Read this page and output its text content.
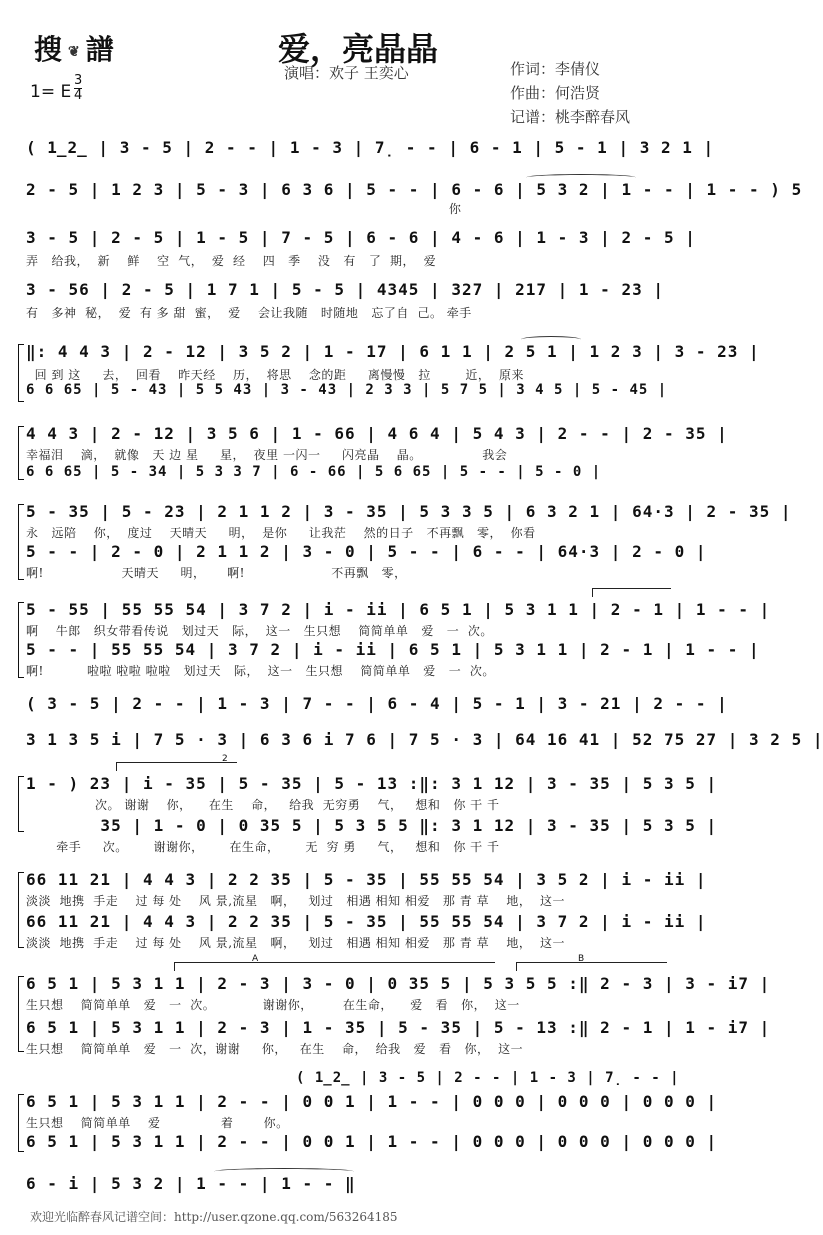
搜 ❦譜	爱，亮晶晶
演唱：欢子 王奕心	作词：李倩仪
作曲：何浩贤
记谱：桃李醉春风
1= E
3
4
( 1̲2̲ | 3 - 5 | 2 - - | 1 - 3 | 7̣ - - | 6 - 1 | 5 - 1 | 3 2 1 |
2 - 5 | 1 2 3 | 5 - 3 | 6 3 6 | 5 - - | 6 - 6 | 5 3 2 | 1 - - | 1 - - ) 5
你
3 - 5 | 2 - 5 | 1 - 5 | 7 - 5 | 6 - 6 | 4 - 6 | 1 - 3 | 2 - 5 |
弄   给我，  新    鲜    空  气，  爱  经    四   季    没   有   了  期，  爱
3 - 56 | 2 - 5 | 1 7 1 | 5 - 5 | 4345 | 327 | 217 | 1 - 23 |
有   多神  秘，  爱  有 多 甜  蜜，  爱    会让我随   时随地   忘了自  己。 牵手
‖: 4 4 3 | 2 - 12 | 3 5 2 | 1 - 17 | 6 1 1 | 2 5 1 | 1 2 3 | 3 - 23 |
回 到 这     去，  回看    昨天经    历，  将思    念的距     离慢慢   拉        近，  原来
6 6 65 | 5 - 43 | 5 5 43 | 3 - 43 | 2 3 3 | 5 7 5 | 3 4 5 | 5 - 45 |
4 4 3 | 2 - 12 | 3 5 6 | 1 - 66 | 4 6 4 | 5 4 3 | 2 - - | 2 - 35 |
幸福泪    滴，  就像   天 边 星     星，  夜里 一闪一     闪亮晶    晶。              我会
6 6 65 | 5 - 34 | 5 3 3 7 | 6 - 66 | 5 6 65 | 5 - - | 5 - 0 |
5 - 35 | 5 - 23 | 2 1 1 2 | 3 - 35 | 5 3 3 5 | 6 3 2 1 | 64·3 | 2 - 35 |
永   远陪    你，  度过    天晴天     明，  是你     让我茫    然的日子   不再飘   零，  你看
5 - - | 2 - 0 | 2 1 1 2 | 3 - 0 | 5 - - | 6 - - | 64·3 | 2 - 0 |
啊!                  天晴天     明，     啊!                    不再飘   零，
5 - 55 | 55 55 54 | 3 7 2 | i - ii | 6 5 1 | 5 3 1 1 | 2 - 1 | 1 - - |
啊    牛郎   织女带看传说   划过天   际，  这一   生只想    简简单单   爱   一  次。
5 - - | 55 55 54 | 3 7 2 | i - ii | 6 5 1 | 5 3 1 1 | 2 - 1 | 1 - - |
啊!          啦啦 啦啦 啦啦   划过天   际，  这一   生只想    简简单单   爱   一  次。
( 3 - 5 | 2 - - | 1 - 3 | 7 - - | 6 - 4 | 5 - 1 | 3 - 21 | 2 - - |
3 1 3 5 i | 7 5 · 3 | 6 3 6 i 7 6 | 7 5 · 3 | 64 16 41 | 52 75 27 | 3 2 5 |
2
1 - ) 23 | i - 35 | 5 - 35 | 5 - 13 :‖: 3 1 12 | 3 - 35 | 5 3 5 |
次。 谢谢    你，    在生    命，   给我  无穷勇    气，   想和   你 干 千
35 | 1 - 0 | 0 35 5 | 5 3 5 5 ‖: 3 1 12 | 3 - 35 | 5 3 5 |
牵手     次。      谢谢你，      在生命，      无  穷 勇     气，   想和   你 干 千
66 11 21 | 4 4 3 | 2 2 35 | 5 - 35 | 55 55 54 | 3 5 2 | i - ii |
淡淡  地携  手走    过 每 处    风 景,流星   啊，   划过   相遇 相知 相爱   那 青 草    地，  这一
66 11 21 | 4 4 3 | 2 2 35 | 5 - 35 | 55 55 54 | 3 7 2 | i - ii |
淡淡  地携  手走    过 每 处    风 景,流星   啊，   划过   相遇 相知 相爱   那 青 草    地，  这一
A	B
6 5 1 | 5 3 1 1 | 2 - 3 | 3 - 0 | 0 35 5 | 5 3 5 5 :‖ 2 - 3 | 3 - i7 |
生只想    简简单单   爱   一  次。           谢谢你，       在生命，    爱   看   你，  这一
6 5 1 | 5 3 1 1 | 2 - 3 | 1 - 35 | 5 - 35 | 5 - 13 :‖ 2 - 1 | 1 - i7 |
生只想    简简单单   爱   一  次，谢谢     你，   在生    命，  给我   爱   看   你，  这一
( 1̲2̲ | 3 - 5 | 2 - - | 1 - 3 | 7̣ - - |
6 5 1 | 5 3 1 1 | 2 - - | 0 0 1 | 1 - - | 0 0 0 | 0 0 0 | 0 0 0 |
生只想    简简单单    爱              着       你。
6 5 1 | 5 3 1 1 | 2 - - | 0 0 1 | 1 - - | 0 0 0 | 0 0 0 | 0 0 0 |
6 - i | 5 3 2 | 1 - - | 1 - - ‖
欢迎光临醉春风记谱空间：http://user.qzone.qq.com/563264185
